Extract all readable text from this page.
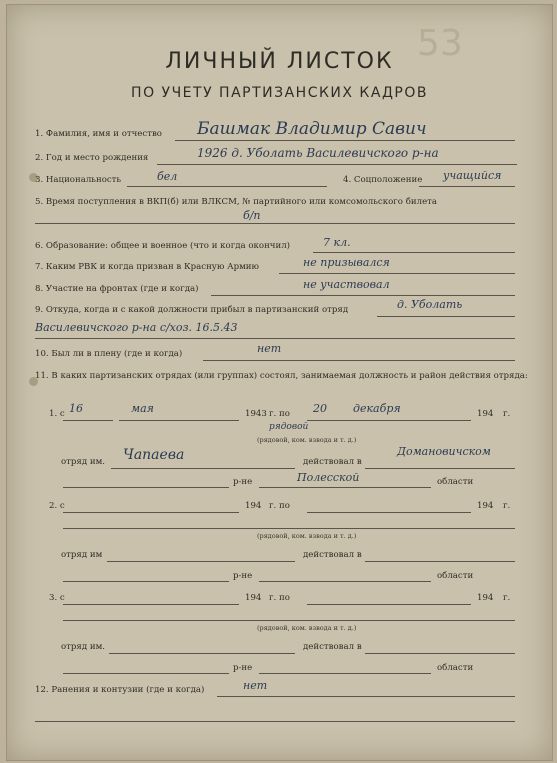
53
ЛИЧНЫЙ ЛИСТОК
ПО УЧЕТУ ПАРТИЗАНСКИХ КАДРОВ
1. Фамилия, имя и отчество Башмак Владимир Савич
2. Год и место рождения	1926 д. Уболать Василевичского р-на
3. Национальность	бел	4. Соцположение учащийся
5. Время поступления в ВКП(б) или ВЛКСМ, № партийного или комсомольского билета
б/п
6. Образование: общее и военное (что и когда окончил)	7 кл.
7. Каким РВК и когда призван в Красную Армию	не призывался
8. Участие на фронтах (где и когда)	не участвовал
9. Откуда, когда и с какой должности прибыл в партизанский отряд	д. Уболать
Василевичского р-на с/хоз. 16.5.43
10. Был ли в плену (где и когда)	нет
11. В каких партизанских отрядах (или группах) состоял, занимаемая должность и район действия отряда:
1. с 16	мая	1943 г. по 20 декабря	194 г.
рядовой
(рядовой, ком. взвода и т. д.)
отряд им. Чапаева	действовал в
Домановичском
р-не	Полесской	области
2. с	194 г. по	194 г.
(рядовой, ком. взвода и т. д.)
отряд им	действовал в
р-не	области
3. с	194 г. по	194 г.
(рядовой, ком. взвода и т. д.)
отряд им.	действовал в
р-не	области
12. Ранения и контузии (где и когда)	нет
